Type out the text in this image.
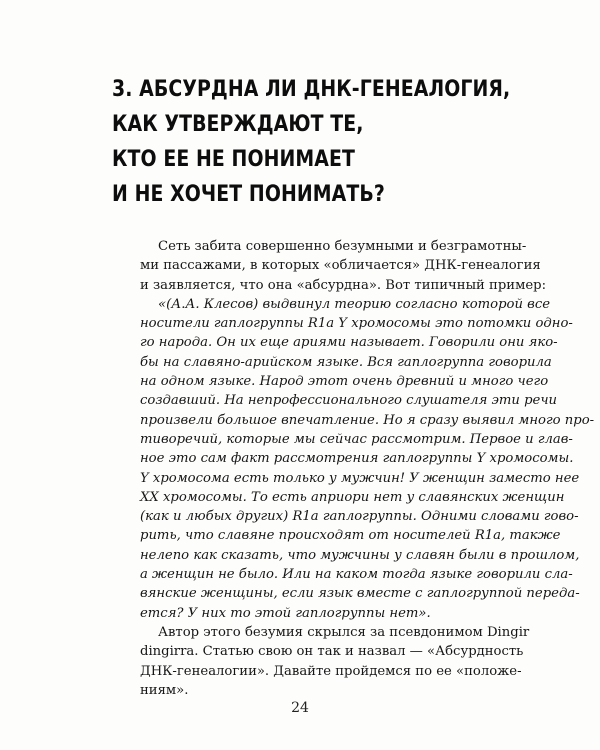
3. АБСУРДНА ЛИ ДНК-ГЕНЕАЛОГИЯ,
КАК УТВЕРЖДАЮТ ТЕ,
КТО ЕЕ НЕ ПОНИМАЕТ
И НЕ ХОЧЕТ ПОНИМАТЬ?
Сеть забита совершенно безумными и безграмотны-
ми пассажами, в которых «обличается» ДНК-генеалогия
и заявляется, что она «абсурдна». Вот типичный пример:
«(А.А. Клесов) выдвинул теорию согласно которой все
носители гаплогруппы R1a Y хромосомы это потомки одно-
го народа. Он их еще ариями называет. Говорили они яко-
бы на славяно-арийском языке. Вся гаплогруппа говорила
на одном языке. Народ этот очень древний и много чего
создавший. На непрофессионального слушателя эти речи
произвели большое впечатление. Но я сразу выявил много про-
тиворечий, которые мы сейчас рассмотрим. Первое и глав-
ное это сам факт рассмотрения гаплогруппы Y хромосомы.
Y хромосома есть только у мужчин! У женщин заместо нее
XX хромосомы. То есть априори нет у славянских женщин
(как и любых других) R1a гаплогруппы. Одними словами гово-
рить, что славяне происходят от носителей R1a, также
нелепо как сказать, что мужчины у славян были в прошлом,
а женщин не было. Или на каком тогда языке говорили сла-
вянские женщины, если язык вместе с гаплогруппой переда-
ется? У них то этой гаплогруппы нет».
Автор этого безумия скрылся за псевдонимом Dingir
dingirra. Статью свою он так и назвал — «Абсурдность
ДНК-генеалогии». Давайте пройдемся по ее «положе-
ниям».
24
